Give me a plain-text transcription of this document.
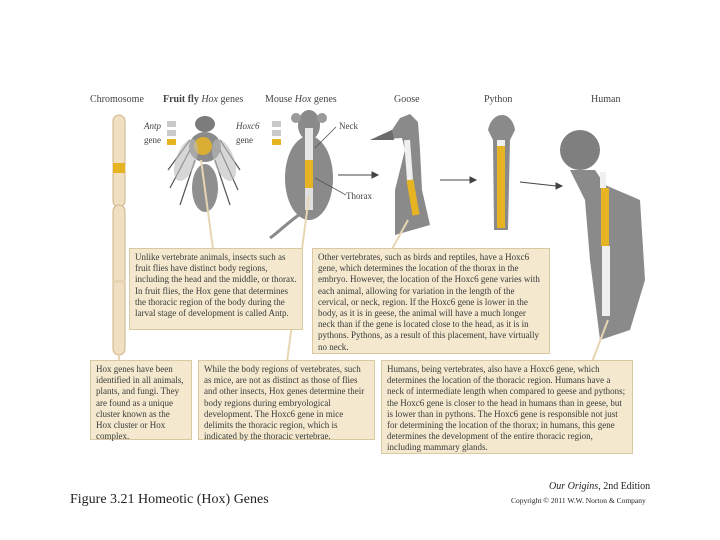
Chromosome Fruit fly Hox genes Mouse Hox genes	Goose	Python	Human
Antp
gene
Hoxc6
gene
Neck
Thorax
Unlike vertebrate animals, insects such as fruit flies have distinct body regions, including the head and the middle, or thorax. In fruit flies, the Hox gene that determines the thoracic region of the body during the larval stage of development is called Antp.
Other vertebrates, such as birds and reptiles, have a Hoxc6 gene, which determines the location of the thorax in the embryo. However, the location of the Hoxc6 gene varies with each animal, allowing for variation in the length of the cervical, or neck, region. If the Hoxc6 gene is lower in the body, as it is in geese, the animal will have a much longer neck than if the gene is located close to the head, as it is in pythons. Pythons, as a result of this placement, have virtually no neck.
Hox genes have been identified in all animals, plants, and fungi. They are found as a unique cluster known as the Hox cluster or Hox complex.
While the body regions of vertebrates, such as mice, are not as distinct as those of flies and other insects, Hox genes determine their body regions during embryological development. The Hoxc6 gene in mice delimits the thoracic region, which is indicated by the thoracic vertebrae.
Humans, being vertebrates, also have a Hoxc6 gene, which determines the location of the thoracic region. Humans have a neck of intermediate length when compared to geese and pythons; the Hoxc6 gene is closer to the head in humans than in geese, but is lower than in pythons. The Hoxc6 gene is responsible not just for determining the location of the thorax; in humans, this gene determines the development of the entire thoracic region, including mammary glands.
Figure 3.21 Homeotic (Hox) Genes
Our Origins, 2nd Edition
Copyright © 2011 W.W. Norton & Company
